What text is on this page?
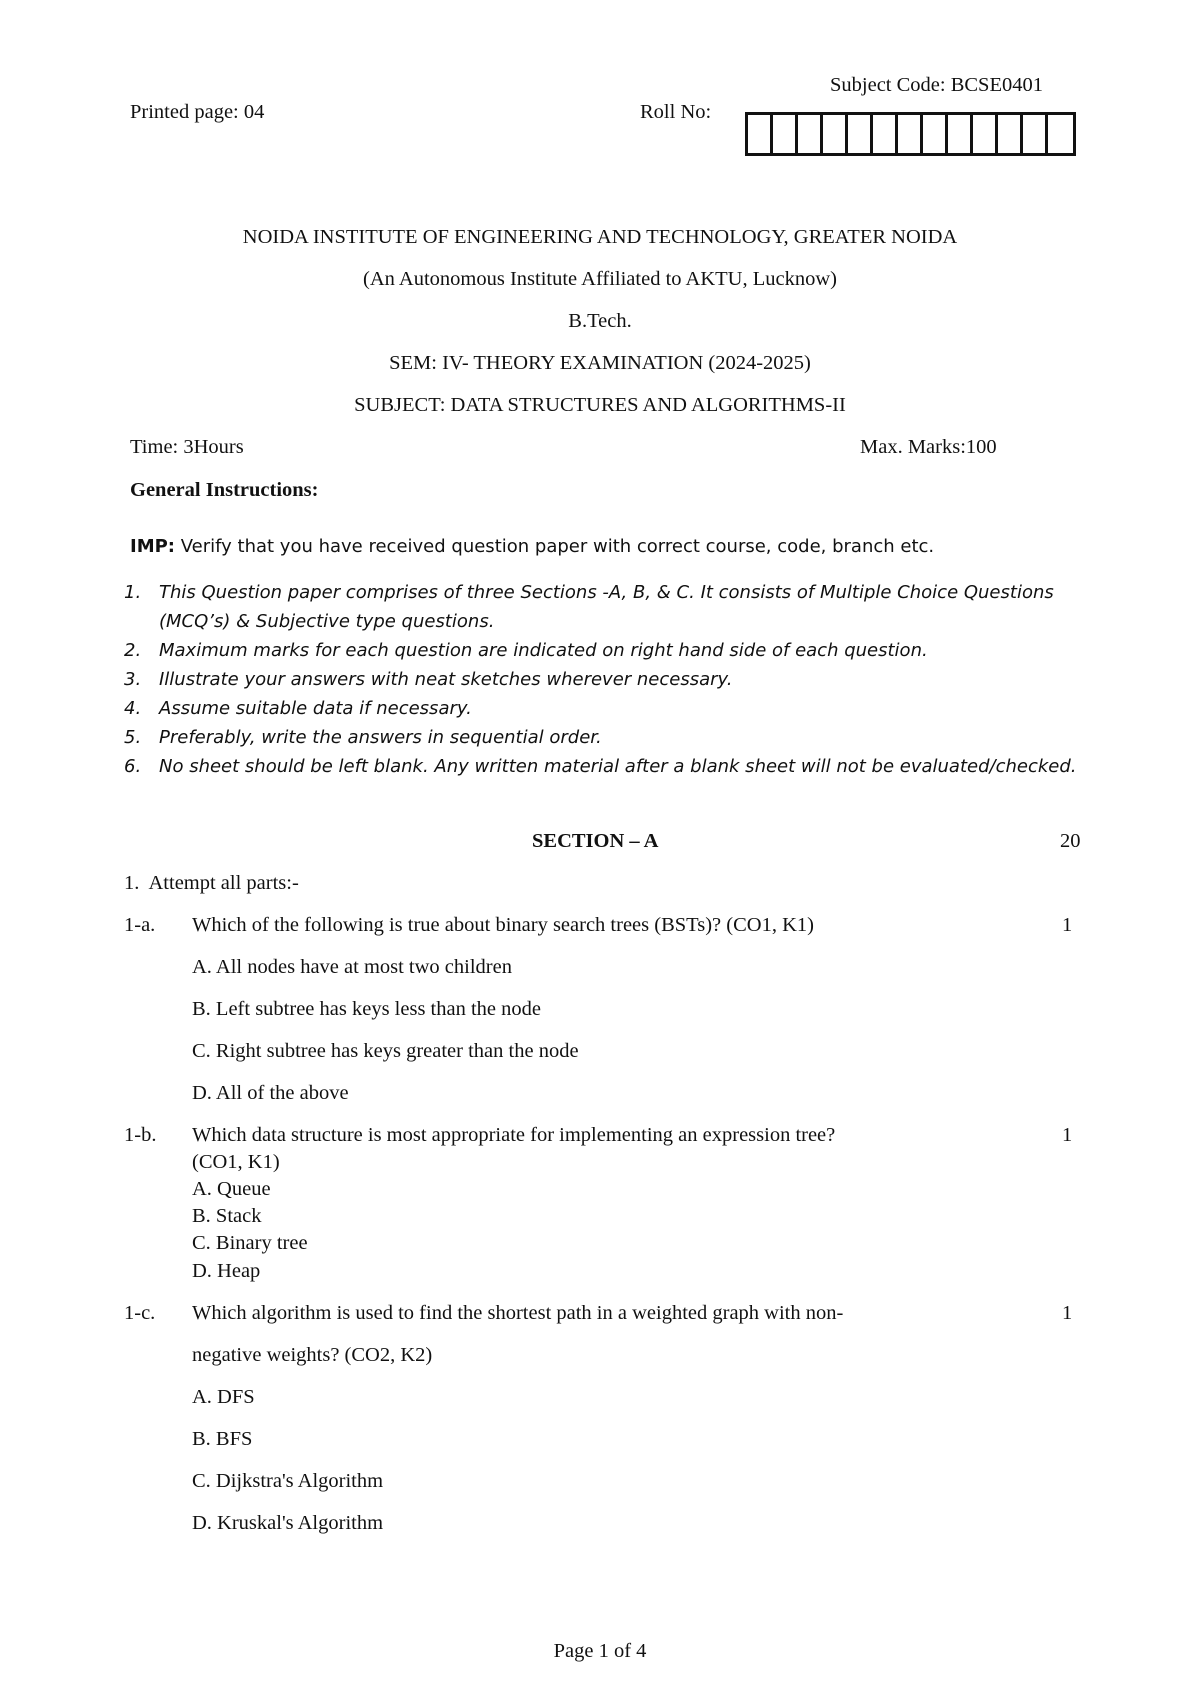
Subject Code: BCSE0401
Printed page: 04	Roll No:
NOIDA INSTITUTE OF ENGINEERING AND TECHNOLOGY, GREATER NOIDA
(An Autonomous Institute Affiliated to AKTU, Lucknow)
B.Tech.
SEM: IV- THEORY EXAMINATION (2024-2025)
SUBJECT: DATA STRUCTURES AND ALGORITHMS-II
Time: 3Hours	Max. Marks:100
General Instructions:
IMP: Verify that you have received question paper with correct course, code, branch etc.
1. This Question paper comprises of three Sections -A, B, & C. It consists of Multiple Choice Questions
(MCQ’s) & Subjective type questions.
2. Maximum marks for each question are indicated on right hand side of each question.
3. Illustrate your answers with neat sketches wherever necessary.
4. Assume suitable data if necessary.
5. Preferably, write the answers in sequential order.
6. No sheet should be left blank. Any written material after a blank sheet will not be evaluated/checked.
SECTION – A	20
1.  Attempt all parts:-
1-a. Which of the following is true about binary search trees (BSTs)? (CO1, K1)	1
A. All nodes have at most two children
B. Left subtree has keys less than the node
C. Right subtree has keys greater than the node
D. All of the above
1-b. Which data structure is most appropriate for implementing an expression tree?	1
(CO1, K1)
A. Queue
B. Stack
C. Binary tree
D. Heap
1-c. Which algorithm is used to find the shortest path in a weighted graph with non-	1
negative weights? (CO2, K2)
A. DFS
B. BFS
C. Dijkstra's Algorithm
D. Kruskal's Algorithm
Page 1 of 4
